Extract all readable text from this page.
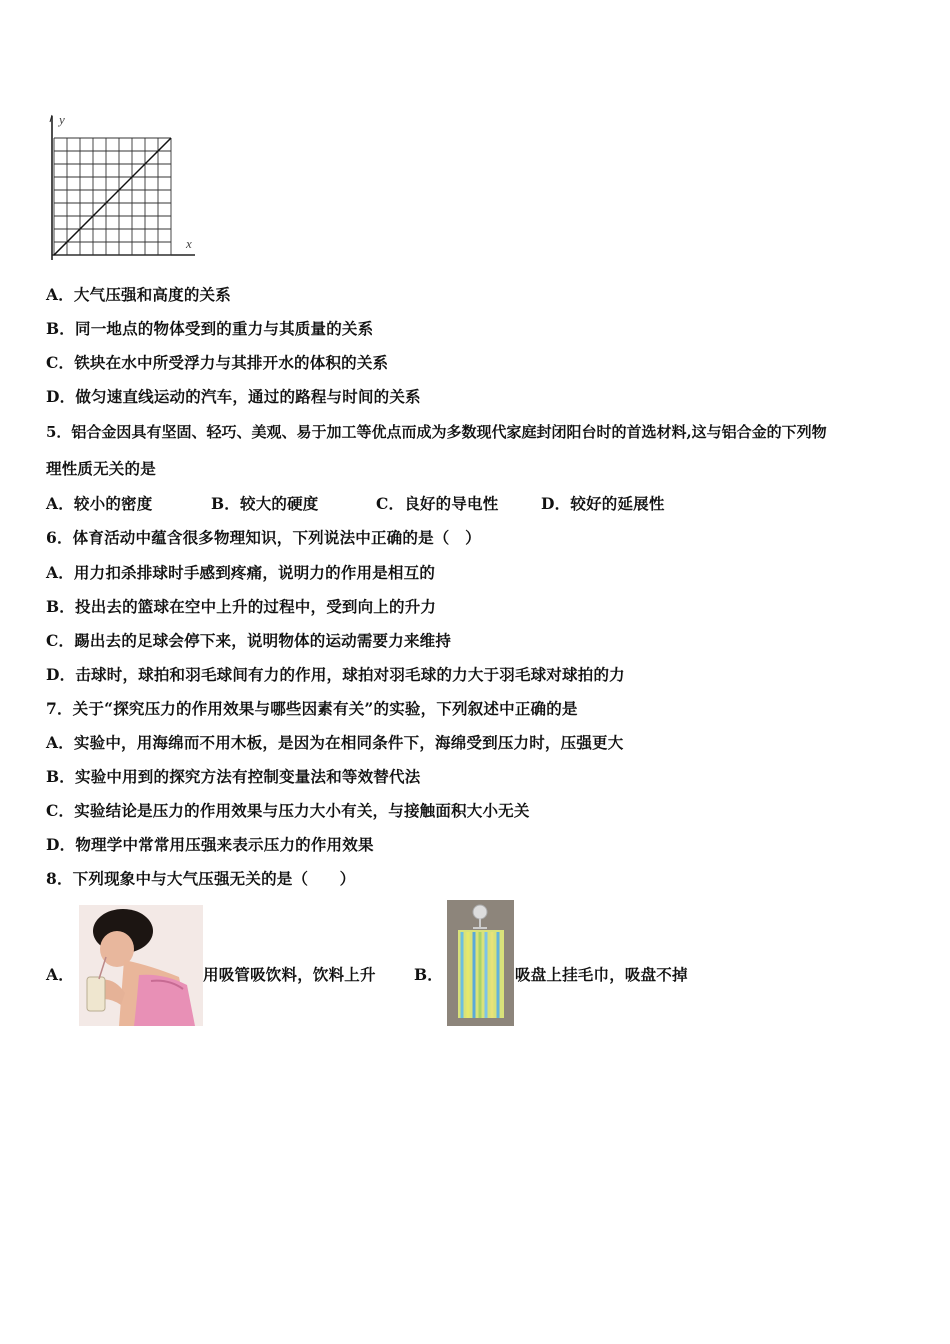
y
x
A．大气压强和高度的关系
B．同一地点的物体受到的重力与其质量的关系
C．铁块在水中所受浮力与其排开水的体积的关系
D．做匀速直线运动的汽车，通过的路程与时间的关系
5．铝合金因具有坚固、轻巧、美观、易于加工等优点而成为多数现代家庭封闭阳台时的首选材料,这与铝合金的下列物
理性质无关的是
A．较小的密度	B．较大的硬度	C．良好的导电性	D．较好的延展性
6．体育活动中蕴含很多物理知识，下列说法中正确的是（　）
A．用力扣杀排球时手感到疼痛，说明力的作用是相互的
B．投出去的篮球在空中上升的过程中，受到向上的升力
C．踢出去的足球会停下来，说明物体的运动需要力来维持
D．击球时，球拍和羽毛球间有力的作用，球拍对羽毛球的力大于羽毛球对球拍的力
7．关于“探究压力的作用效果与哪些因素有关”的实验，下列叙述中正确的是
A．实验中，用海绵而不用木板，是因为在相同条件下，海绵受到压力时，压强更大
B．实验中用到的探究方法有控制变量法和等效替代法
C．实验结论是压力的作用效果与压力大小有关，与接触面积大小无关
D．物理学中常常用压强来表示压力的作用效果
8．下列现象中与大气压强无关的是（　　）
A．	用吸管吸饮料，饮料上升 B．	吸盘上挂毛巾，吸盘不掉
